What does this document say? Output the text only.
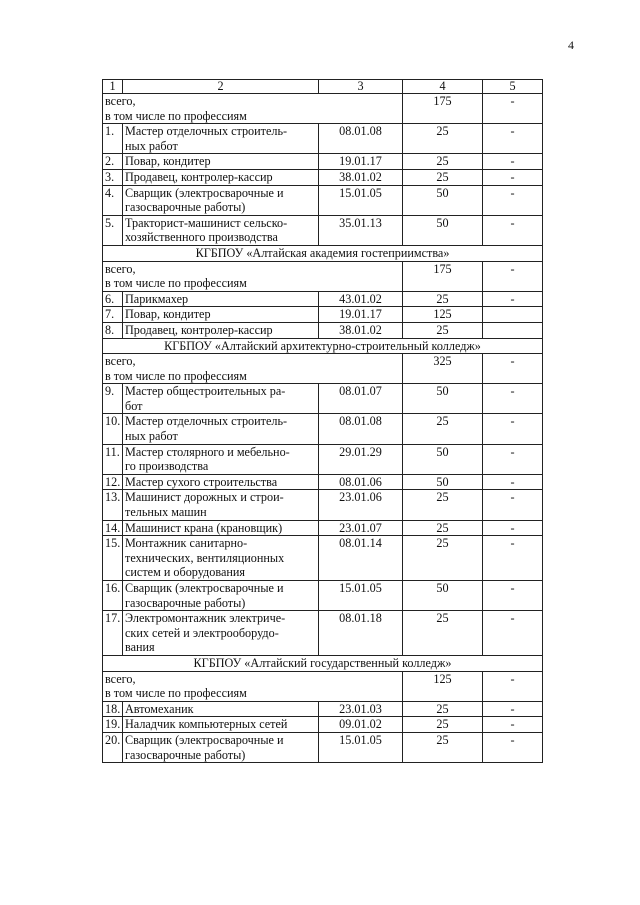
4
1	2	3	4	5

всего,
в том числе по профессиям			175	-
1.	Мастер отделочных строитель-
ных работ	08.01.08	25	-
2.	Повар, кондитер	19.01.17	25	-
3.	Продавец, контролер-кассир	38.01.02	25	-
4.	Сварщик (электросварочные и
газосварочные работы)	15.01.05	50	-
5.	Тракторист-машинист сельско-
хозяйственного производства	35.01.13	50	-
КГБПОУ «Алтайская академия гостеприимства»				

всего,
в том числе по профессиям			175	-
6.	Парикмахер	43.01.02	25	-
7.	Повар, кондитер	19.01.17	125	
8.	Продавец, контролер-кассир	38.01.02	25	
КГБПОУ «Алтайский архитектурно-строительный колледж»				

всего,
в том числе по профессиям			325	-
9.	Мастер общестроительных ра-
бот	08.01.07	50	-
10.	Мастер отделочных строитель-
ных работ	08.01.08	25	-
11.	Мастер столярного и мебельно-
го производства	29.01.29	50	-
12.	Мастер сухого строительства	08.01.06	50	-
13.	Машинист дорожных и строи-
тельных машин	23.01.06	25	-
14.	Машинист крана (крановщик)	23.01.07	25	-
15.	Монтажник санитарно-
технических, вентиляционных
систем и оборудования	08.01.14	25	-
16.	Сварщик (электросварочные и
газосварочные работы)	15.01.05	50	-
17.	Электромонтажник электриче-
ских сетей и электрооборудо-
вания	08.01.18	25	-
КГБПОУ «Алтайский государственный колледж»				

всего,
в том числе по профессиям			125	-
18.	Автомеханик	23.01.03	25	-
19.	Наладчик компьютерных сетей	09.01.02	25	-
20.	Сварщик (электросварочные и
газосварочные работы)	15.01.05	25	-
